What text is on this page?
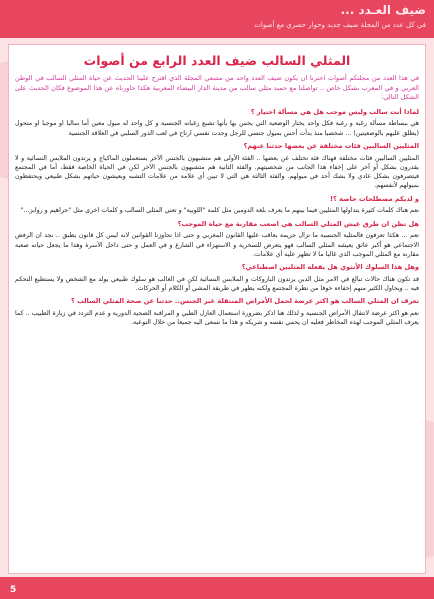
ضيف العـدد ...
في كل عدد من المجلة ضيف جديد وحوار حصري مع أصوات
المثلي السالب ضيف العدد الرابع من أصوات

في هذا العدد من مجلتكم أصوات اخترنا ان يكون ضيف العدد واحد من متتبعي المجلة الذي اقترح علينا الحديث عن حياة المثلي السالب في الوطن العربي و في المغرب بشكل خاص .. تواصلنا مع حميد مثلي سالب من مدينة الدار البيضاء المغربية هكذا حاورناه عن هذا الموضوع فكان الحديث على الشكل التالي:

لماذا أنت سالب وليس موجب هل هي مسألة اختيار ؟

هي ببساطة مسألة رغبة و رغبة فكل واحد يختار الوضعية التي يحس بها بأنها تشبع رغباته الجنسية و كل واحد له ميول معين أما سالبا او موجبا او متحول (يطلق عليهم بالوضعيتين) ... شخصيا منذ بدأت أحس بميول جنسي للرجل وجدت نفسي ارتاح في لعب الدور السلبي في العلاقة الجنسية

المثليين السالبين فئات مختلفة عن بعضها حدثنا عنهم؟

المثليين السالبين فئات مختلفة فهناك فئة تختلف عن بعضها .. الفئة الأولى هم متشبهون بالجنس الآخر يستعملون الماكياج و يرتدون الملابس النسائية و لا يقدرون بشكل أو آخر على إخفاء هذا الجانب من شخصيتهم. والفئة الثانية هم متشبهون بالجنس الآخر لكن في الحياة الخاصة فقط، أما في المجتمع فيتصرفون بشكل عادي ولا يشك أحد في ميولهم. والفئة الثالثة هي التي لا تبين أي علامة من علامات التشبه ويعيشون حياتهم بشكل طبيعي ويحتفظون بميولهم لأنفسهم.

و لديكم مصطلحات خاصة ؟!

نعم هناك كلمات كثيرة يتداولها المثليين فيما بينهم ما يعرف بلغة الدومين مثل كلمة "اللوبية" و تعني المثلي السالب و كلمات اخرى مثل "جراهيم و روابز..."

هل تظن ان طرق عيش المثلي السالب هي اصعب مقارنة مع حياة الموجب؟

نعم ... هكذا تعرفون فالمثلية الجنسية ما تزال جريمة يعاقب عليها القانون المغربي و حتى اذا تجاوزنا القوانين لانه ليس كل قانون يطبق .. نجد ان الرفض الاجتماعي هو أكبر عائق يعيشه المثلي السالب فهو يتعرض للسخرية و الاستهزاء في الشارع و في العمل و حتى داخل الأسرة وهذا ما يجعل حياته صعبة مقارنة مع المثلي الموجب الذي غالبا ما لا تظهر عليه أي علامات.

وهل هذا السلوك الأنثوي هل يفعله المثليين اصطناعي؟

قد تكون هناك حالات تبالغ في الامر مثل الدين يرتدون الباروكات و الملابس النسائية لكن في الغالب هو سلوك طبيعي يولد مع الشخص ولا يستطيع التحكم فيه .. ويحاول الكثير منهم إخفاءه خوفا من نظرة المجتمع ولكنه يظهر في طريقة المشي أو الكلام أو الحركات.

تعرف ان المثلي السالب هو اكثر عرضة لحمل الأمراض المنتقلة عبر الجنس.. حدثنا عن صحة المثلي السالب ؟

نعم هو اكثر عرضة لانتقال الأمراض الجنسية و لذلك هنا اذكر بضرورة استعمال العازل الطبي و المراقبة الصحية الدورية و عدم التردد في زيارة الطبيب .. كما يعرف المثلي الموجب لهذه المخاطر فعليه ان يحمي نفسه و شريكه و هذا ما نسعى اليه جميعا من خلال التوعية.

5
